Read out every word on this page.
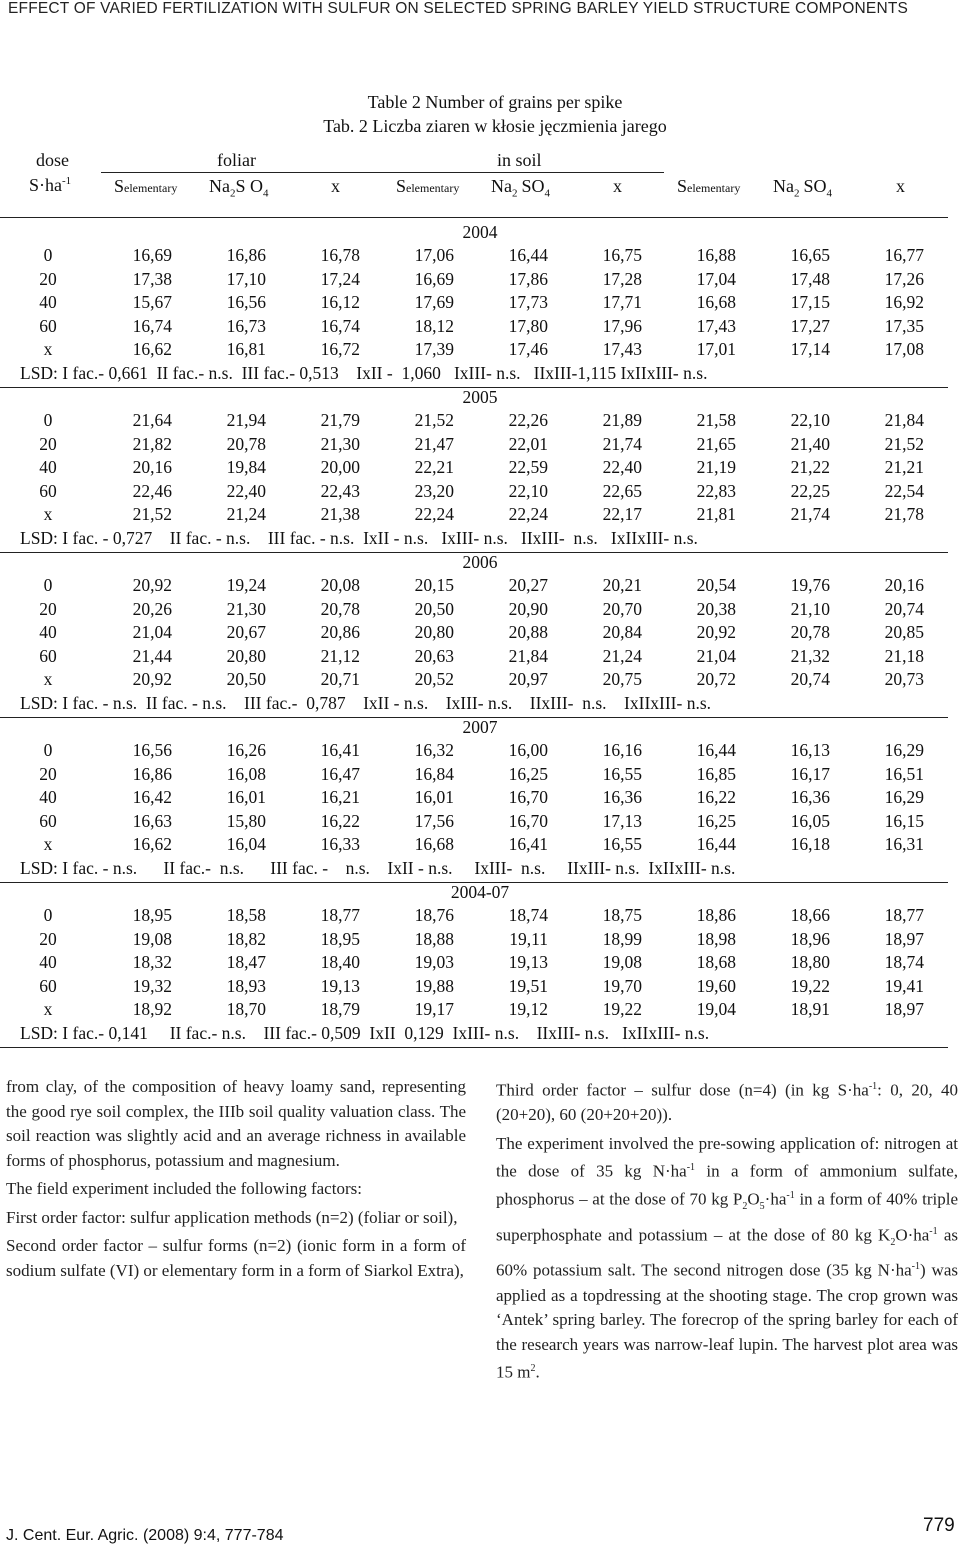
EFFECT OF VARIED FERTILIZATION WITH SULFUR ON SELECTED SPRING BARLEY YIELD STRUCTURE COMPONENTS
Table 2 Number of grains per spike
Tab. 2 Liczba ziaren w kłosie jęczmienia jarego
dose
$S\cdot ha^{-1}$
foliar	in soil
Selementary $Na_2S$ $O_4$	x	Selementary $Na_2$ $SO_4$	x	Selementary $Na_2$ $SO_4$	x
2004
0	16,69	16,86	16,78	17,06	16,44	16,75	16,88	16,65	16,77
20	17,38	17,10	17,24	16,69	17,86	17,28	17,04	17,48	17,26
40	15,67	16,56	16,12	17,69	17,73	17,71	16,68	17,15	16,92
60	16,74	16,73	16,74	18,12	17,80	17,96	17,43	17,27	17,35
x	16,62	16,81	16,72	17,39	17,46	17,43	17,01	17,14	17,08
LSD: I fac.- 0,661  II fac.- n.s.  III fac.- 0,513    IxII -  1,060   IxIII- n.s.   IIxIII-1,115 IxIIxIII- n.s.
2005
0	21,64	21,94	21,79	21,52	22,26	21,89	21,58	22,10	21,84
20	21,82	20,78	21,30	21,47	22,01	21,74	21,65	21,40	21,52
40	20,16	19,84	20,00	22,21	22,59	22,40	21,19	21,22	21,21
60	22,46	22,40	22,43	23,20	22,10	22,65	22,83	22,25	22,54
x	21,52	21,24	21,38	22,24	22,24	22,17	21,81	21,74	21,78
LSD: I fac. - 0,727    II fac. - n.s.    III fac. - n.s.  IxII - n.s.   IxIII- n.s.   IIxIII-  n.s.   IxIIxIII- n.s.
2006
0	20,92	19,24	20,08	20,15	20,27	20,21	20,54	19,76	20,16
20	20,26	21,30	20,78	20,50	20,90	20,70	20,38	21,10	20,74
40	21,04	20,67	20,86	20,80	20,88	20,84	20,92	20,78	20,85
60	21,44	20,80	21,12	20,63	21,84	21,24	21,04	21,32	21,18
x	20,92	20,50	20,71	20,52	20,97	20,75	20,72	20,74	20,73
LSD: I fac. - n.s.  II fac. - n.s.    III fac.-  0,787    IxII - n.s.    IxIII- n.s.    IIxIII-  n.s.    IxIIxIII- n.s.
2007
0	16,56	16,26	16,41	16,32	16,00	16,16	16,44	16,13	16,29
20	16,86	16,08	16,47	16,84	16,25	16,55	16,85	16,17	16,51
40	16,42	16,01	16,21	16,01	16,70	16,36	16,22	16,36	16,29
60	16,63	15,80	16,22	17,56	16,70	17,13	16,25	16,05	16,15
x	16,62	16,04	16,33	16,68	16,41	16,55	16,44	16,18	16,31
LSD: I fac. - n.s.      II fac.-  n.s.      III fac. -    n.s.    IxII - n.s.     IxIII-  n.s.     IIxIII- n.s.  IxIIxIII- n.s.
2004-07
0	18,95	18,58	18,77	18,76	18,74	18,75	18,86	18,66	18,77
20	19,08	18,82	18,95	18,88	19,11	18,99	18,98	18,96	18,97
40	18,32	18,47	18,40	19,03	19,13	19,08	18,68	18,80	18,74
60	19,32	18,93	19,13	19,88	19,51	19,70	19,60	19,22	19,41
x	18,92	18,70	18,79	19,17	19,12	19,22	19,04	18,91	18,97
LSD: I fac.- 0,141     II fac.- n.s.    III fac.- 0,509  IxII  0,129  IxIII- n.s.    IIxIII- n.s.   IxIIxIII- n.s.

from clay, of the composition of heavy loamy sand, representing the good rye soil complex, the IIIb soil quality valuation class. The soil reaction was slightly acid and an average richness in available forms of phosphorus, potassium and magnesium.

The field experiment included the following factors:

First order factor: sulfur application methods (n=2) (foliar or soil),

Second order factor – sulfur forms (n=2) (ionic form in a form of sodium sulfate (VI) or elementary form in a form of Siarkol Extra),

Third order factor – sulfur dose (n=4) (in kg $S\cdot ha^{-1}$: 0, 20, 40 (20+20), 60 (20+20+20)).

The experiment involved the pre-sowing application of: nitrogen at the dose of 35 kg $N\cdot ha^{-1}$ in a form of ammonium sulfate, phosphorus – at the dose of 70 kg $P_2O_5\cdot ha^{-1}$ in a form of 40% triple superphosphate and potassium – at the dose of 80 kg $K_2O\cdot ha^{-1}$ as 60% potassium salt. The second nitrogen dose (35 kg $N\cdot ha^{-1}$) was applied as a topdressing at the shooting stage. The crop grown was ‘Antek’ spring barley. The forecrop of the spring barley for each of the research years was narrow-leaf lupin. The harvest plot area was 15 $m^2$.

J. Cent. Eur. Agric. (2008) 9:4, 777-784	779
